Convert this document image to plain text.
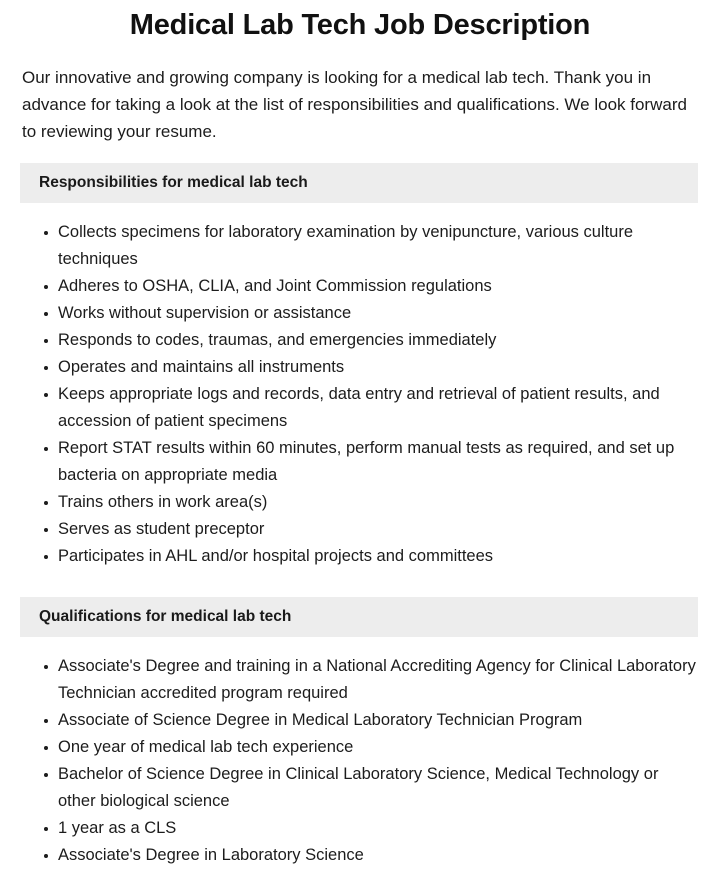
Medical Lab Tech Job Description

Our innovative and growing company is looking for a medical lab tech. Thank you in advance for taking a look at the list of responsibilities and qualifications. We look forward to reviewing your resume.

Responsibilities for medical lab tech
Collects specimens for laboratory examination by venipuncture, various culture techniques
Adheres to OSHA, CLIA, and Joint Commission regulations
Works without supervision or assistance
Responds to codes, traumas, and emergencies immediately
Operates and maintains all instruments
Keeps appropriate logs and records, data entry and retrieval of patient results, and accession of patient specimens
Report STAT results within 60 minutes, perform manual tests as required, and set up bacteria on appropriate media
Trains others in work area(s)
Serves as student preceptor
Participates in AHL and/or hospital projects and committees
Qualifications for medical lab tech
Associate's Degree and training in a National Accrediting Agency for Clinical Laboratory Technician accredited program required
Associate of Science Degree in Medical Laboratory Technician Program
One year of medical lab tech experience
Bachelor of Science Degree in Clinical Laboratory Science, Medical Technology or other biological science
1 year as a CLS
Associate's Degree in Laboratory Science
